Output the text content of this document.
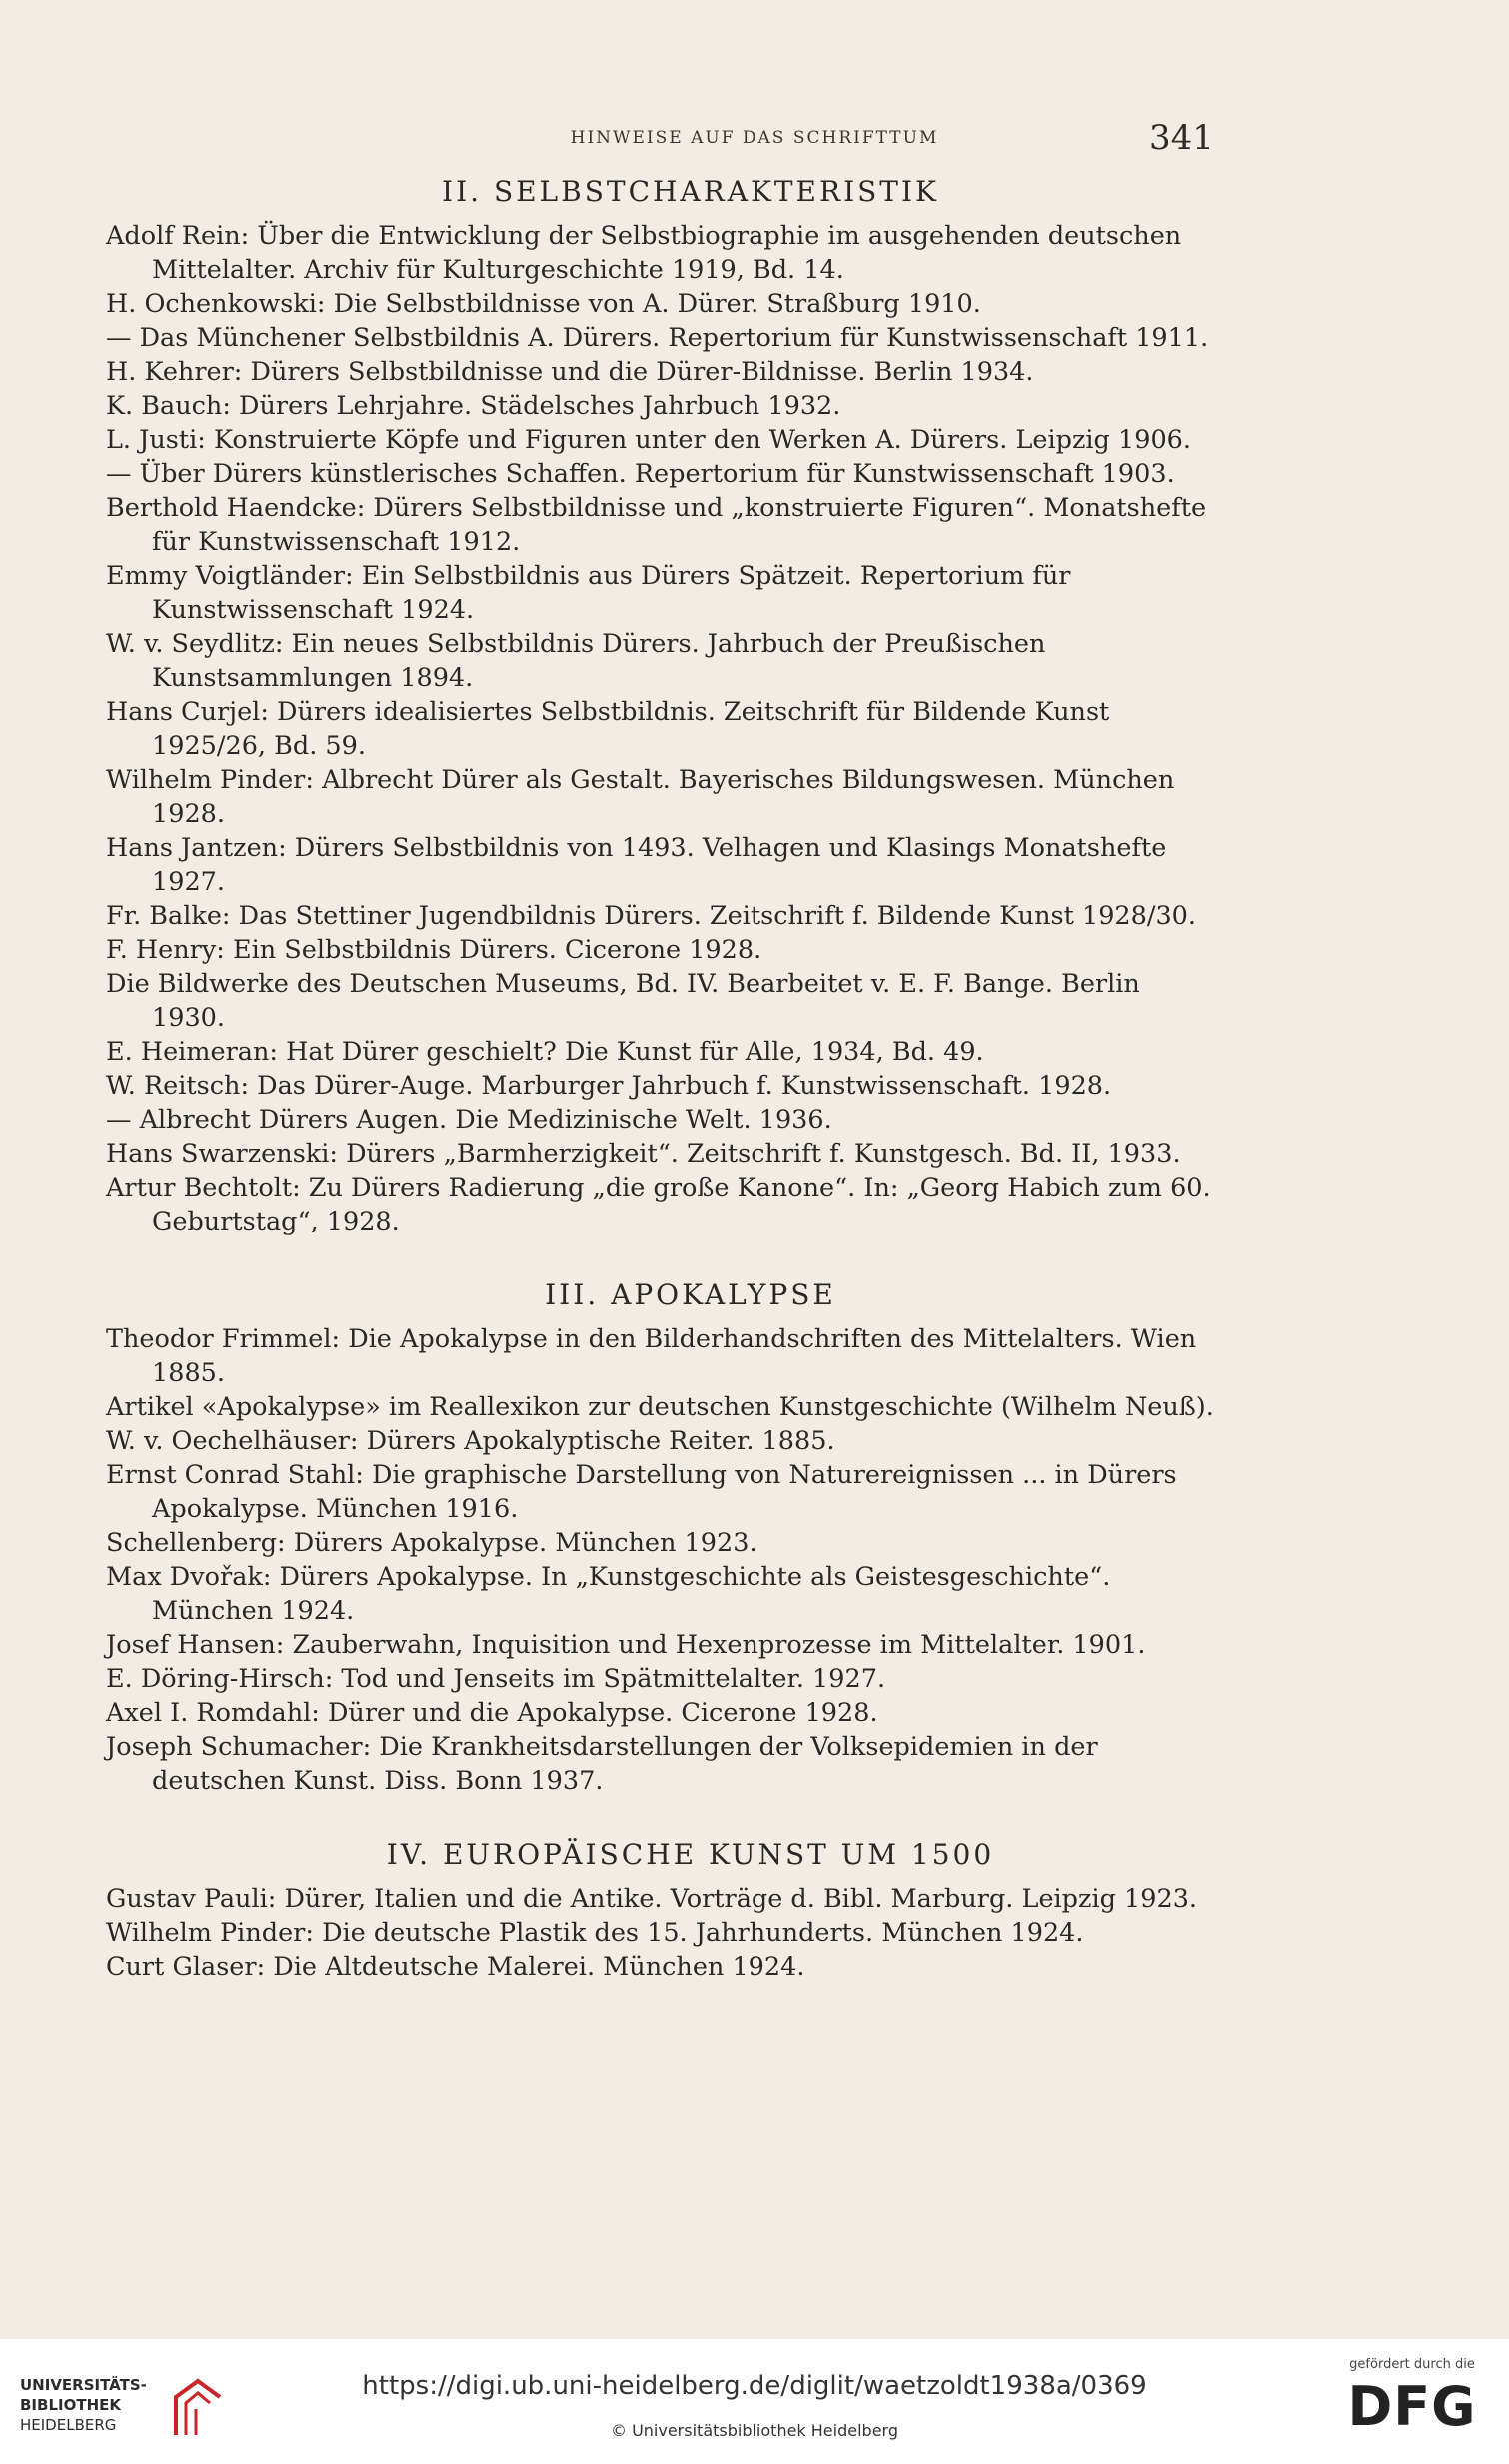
HINWEISE AUF DAS SCHRIFTTUM	341
II. SELBSTCHARAKTERISTIK

Adolf Rein: Über die Entwicklung der Selbstbiographie im ausgehenden deutschen Mittelalter. Archiv für Kulturgeschichte 1919, Bd. 14.

H. Ochenkowski: Die Selbstbildnisse von A. Dürer. Straßburg 1910.

— Das Münchener Selbstbildnis A. Dürers. Repertorium für Kunstwissenschaft 1911.

H. Kehrer: Dürers Selbstbildnisse und die Dürer-Bildnisse. Berlin 1934.

K. Bauch: Dürers Lehrjahre. Städelsches Jahrbuch 1932.

L. Justi: Konstruierte Köpfe und Figuren unter den Werken A. Dürers. Leipzig 1906.

— Über Dürers künstlerisches Schaffen. Repertorium für Kunstwissenschaft 1903.

Berthold Haendcke: Dürers Selbstbildnisse und „konstruierte Figuren“. Monatshefte für Kunstwissenschaft 1912.

Emmy Voigtländer: Ein Selbstbildnis aus Dürers Spätzeit. Repertorium für Kunstwissenschaft 1924.

W. v. Seydlitz: Ein neues Selbstbildnis Dürers. Jahrbuch der Preußischen Kunstsammlungen 1894.

Hans Curjel: Dürers idealisiertes Selbstbildnis. Zeitschrift für Bildende Kunst 1925/26, Bd. 59.

Wilhelm Pinder: Albrecht Dürer als Gestalt. Bayerisches Bildungswesen. München 1928.

Hans Jantzen: Dürers Selbstbildnis von 1493. Velhagen und Klasings Monatshefte 1927.

Fr. Balke: Das Stettiner Jugendbildnis Dürers. Zeitschrift f. Bildende Kunst 1928/30.

F. Henry: Ein Selbstbildnis Dürers. Cicerone 1928.

Die Bildwerke des Deutschen Museums, Bd. IV. Bearbeitet v. E. F. Bange. Berlin 1930.

E. Heimeran: Hat Dürer geschielt? Die Kunst für Alle, 1934, Bd. 49.

W. Reitsch: Das Dürer-Auge. Marburger Jahrbuch f. Kunstwissenschaft. 1928.

— Albrecht Dürers Augen. Die Medizinische Welt. 1936.

Hans Swarzenski: Dürers „Barmherzigkeit“. Zeitschrift f. Kunstgesch. Bd. II, 1933.

Artur Bechtolt: Zu Dürers Radierung „die große Kanone“. In: „Georg Habich zum 60. Geburtstag“, 1928.

III. APOKALYPSE

Theodor Frimmel: Die Apokalypse in den Bilderhandschriften des Mittelalters. Wien 1885.

Artikel «Apokalypse» im Reallexikon zur deutschen Kunstgeschichte (Wilhelm Neuß).

W. v. Oechelhäuser: Dürers Apokalyptische Reiter. 1885.

Ernst Conrad Stahl: Die graphische Darstellung von Naturereignissen ... in Dürers Apokalypse. München 1916.

Schellenberg: Dürers Apokalypse. München 1923.

Max Dvořak: Dürers Apokalypse. In „Kunstgeschichte als Geistesgeschichte“. München 1924.

Josef Hansen: Zauberwahn, Inquisition und Hexenprozesse im Mittelalter. 1901.

E. Döring-Hirsch: Tod und Jenseits im Spätmittelalter. 1927.

Axel I. Romdahl: Dürer und die Apokalypse. Cicerone 1928.

Joseph Schumacher: Die Krankheitsdarstellungen der Volksepidemien in der deutschen Kunst. Diss. Bonn 1937.

IV. EUROPÄISCHE KUNST UM 1500

Gustav Pauli: Dürer, Italien und die Antike. Vorträge d. Bibl. Marburg. Leipzig 1923.

Wilhelm Pinder: Die deutsche Plastik des 15. Jahrhunderts. München 1924.

Curt Glaser: Die Altdeutsche Malerei. München 1924.

UNIVERSITÄTS-
BIBLIOTHEK
HEIDELBERG
https://digi.ub.uni-heidelberg.de/diglit/waetzoldt1938a/0369
© Universitätsbibliothek Heidelberg
gefördert durch die
DFG
